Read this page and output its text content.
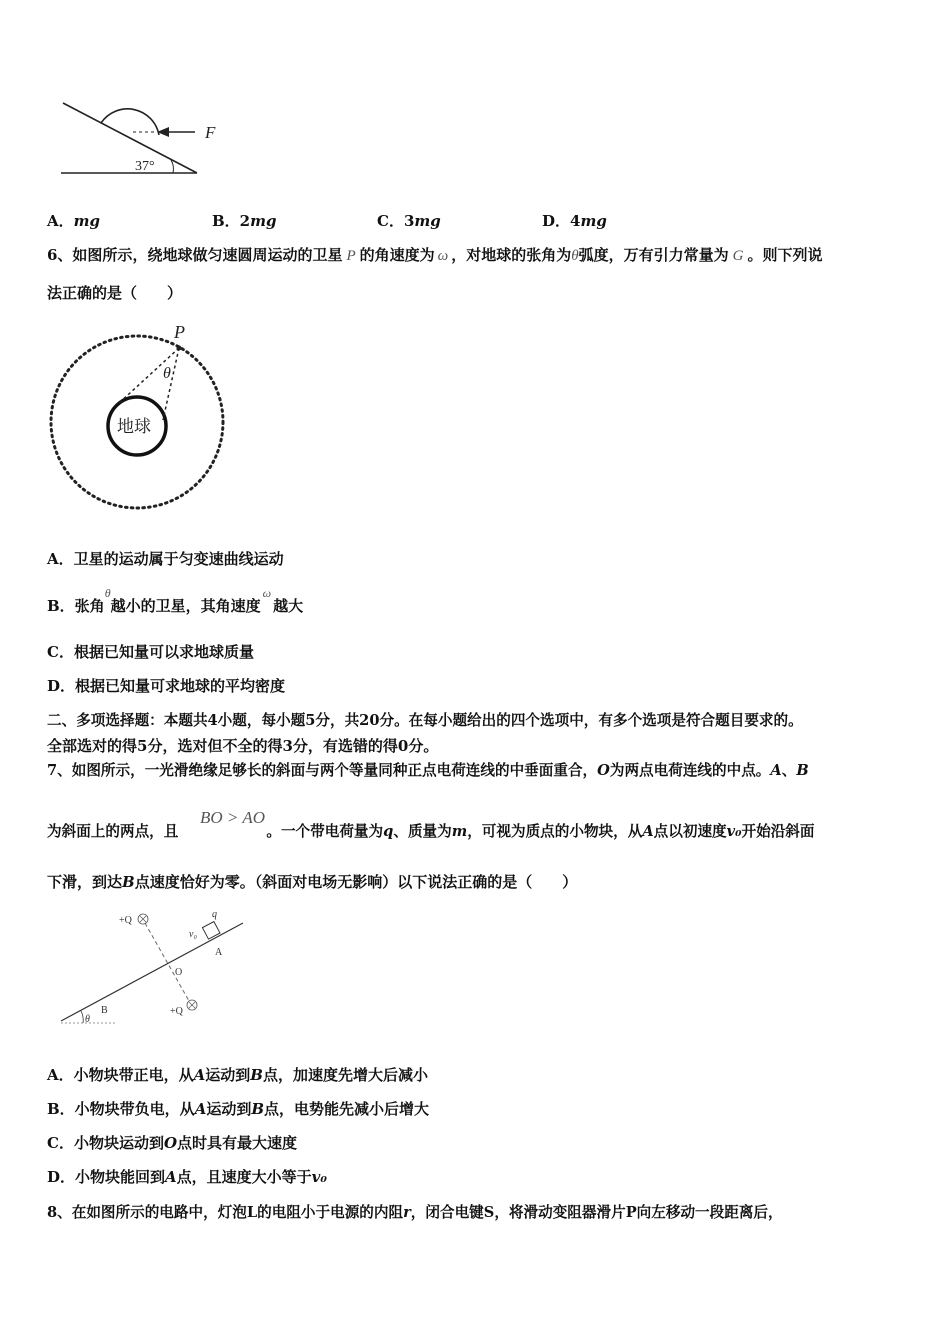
F
37°
A．mg	B．2mg	C．3mg	D．4mg
6、如图所示，绕地球做匀速圆周运动的卫星 P 的角速度为 ω ，对地球的张角为θ弧度，万有引力常量为 G 。则下列说
法正确的是（　　）
地球
P
θ
A．卫星的运动属于匀变速曲线运动
B．张角$^\theta$越小的卫星，其角速度$^\omega$越大
C．根据已知量可以求地球质量
D．根据已知量可求地球的平均密度
二、多项选择题：本题共4小题，每小题5分，共20分。在每小题给出的四个选项中，有多个选项是符合题目要求的。
全部选对的得5分，选对但不全的得3分，有选错的得0分。
7、如图所示，一光滑绝缘足够长的斜面与两个等量同种正点电荷连线的中垂面重合，O为两点电荷连线的中点。A、B
BO > AO
为斜面上的两点，且	。一个带电荷量为q、质量为m，可视为质点的小物块，从A点以初速度v₀开始沿斜面
下滑，到达B点速度恰好为零。（斜面对电场无影响）以下说法正确的是（　　）
θ
+Q
+Q
q
v₀
A
O
B
A．小物块带正电，从A运动到B点，加速度先增大后减小
B．小物块带负电，从A运动到B点，电势能先减小后增大
C．小物块运动到O点时具有最大速度
D．小物块能回到A点，且速度大小等于v₀
8、在如图所示的电路中，灯泡L的电阻小于电源的内阻r，闭合电键S，将滑动变阻器滑片P向左移动一段距离后，
